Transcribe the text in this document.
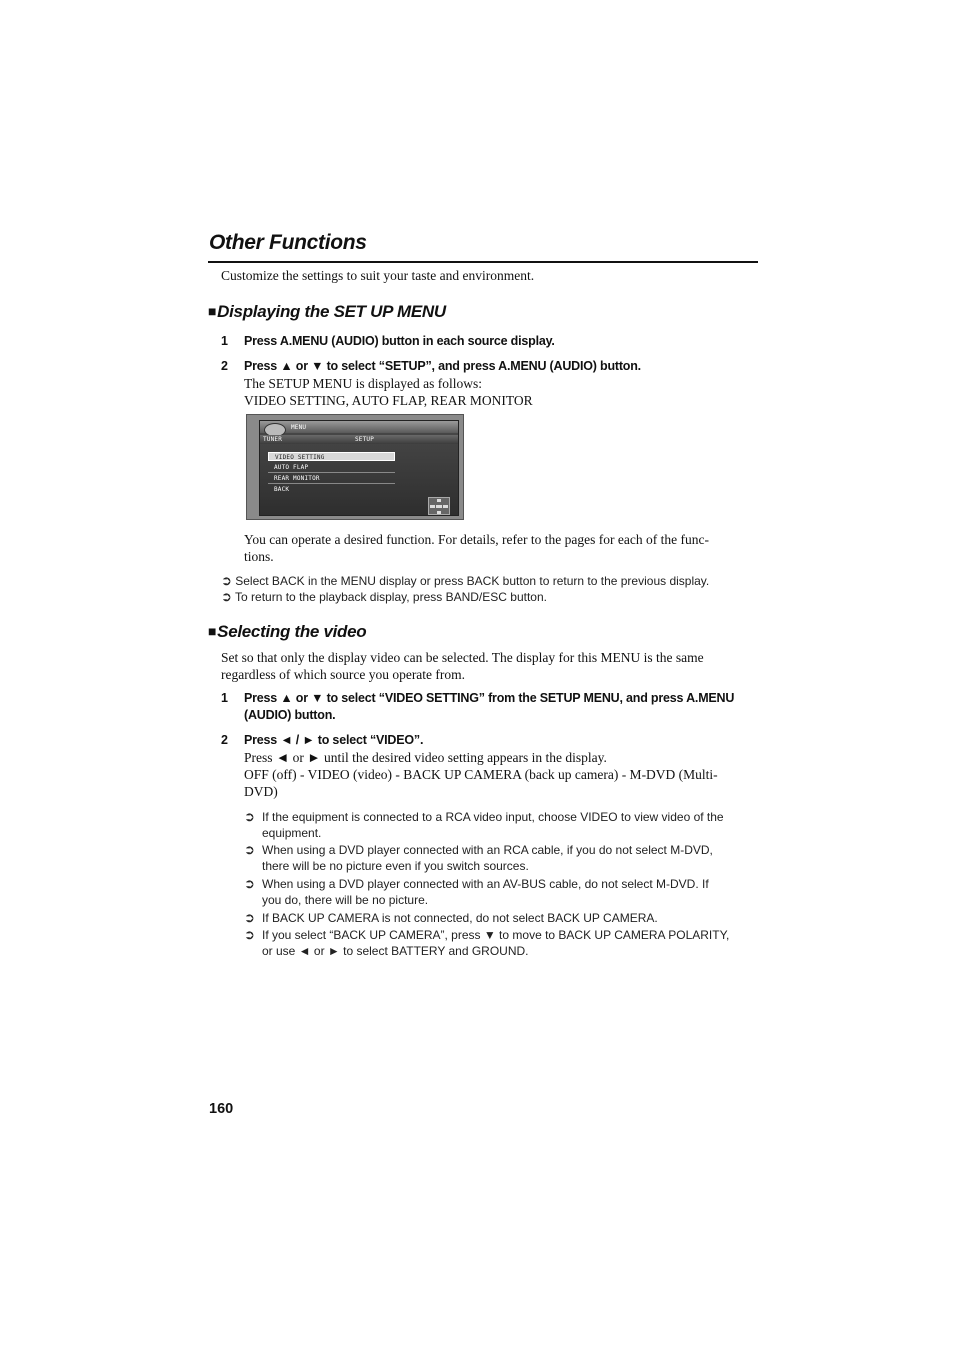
Other Functions
Customize the settings to suit your taste and environment.
■Displaying the SET UP MENU
1 Press A.MENU (AUDIO) button in each source display.
2 Press ▲ or ▼ to select “SETUP”, and press A.MENU (AUDIO) button.
The SETUP MENU is displayed as follows:
VIDEO SETTING, AUTO FLAP, REAR MONITOR
MENU
TUNER	SETUP
VIDEO SETTING
AUTO FLAP
REAR MONITOR
BACK
You can operate a desired function. For details, refer to the pages for each of the func-
tions.
➲ Select BACK in the MENU display or press BACK button to return to the previous display.
➲ To return to the playback display, press BAND/ESC button.
■Selecting the video
Set so that only the display video can be selected. The display for this MENU is the same
regardless of which source you operate from.
1 Press ▲ or ▼ to select “VIDEO SETTING” from the SETUP MENU, and press A.MENU
(AUDIO) button.
2 Press ◄ / ► to select “VIDEO”.
Press ◄ or ► until the desired video setting appears in the display.
OFF (off) - VIDEO (video) - BACK UP CAMERA (back up camera) - M-DVD (Multi-
DVD)
➲ If the equipment is connected to a RCA video input, choose VIDEO to view video of the
equipment.
➲ When using a DVD player connected with an RCA cable, if you do not select M-DVD,
there will be no picture even if you switch sources.
➲ When using a DVD player connected with an AV-BUS cable, do not select M-DVD. If
you do, there will be no picture.
➲ If BACK UP CAMERA is not connected, do not select BACK UP CAMERA.
➲ If you select “BACK UP CAMERA”, press ▼ to move to BACK UP CAMERA POLARITY,
or use ◄ or ► to select BATTERY and GROUND.
160
